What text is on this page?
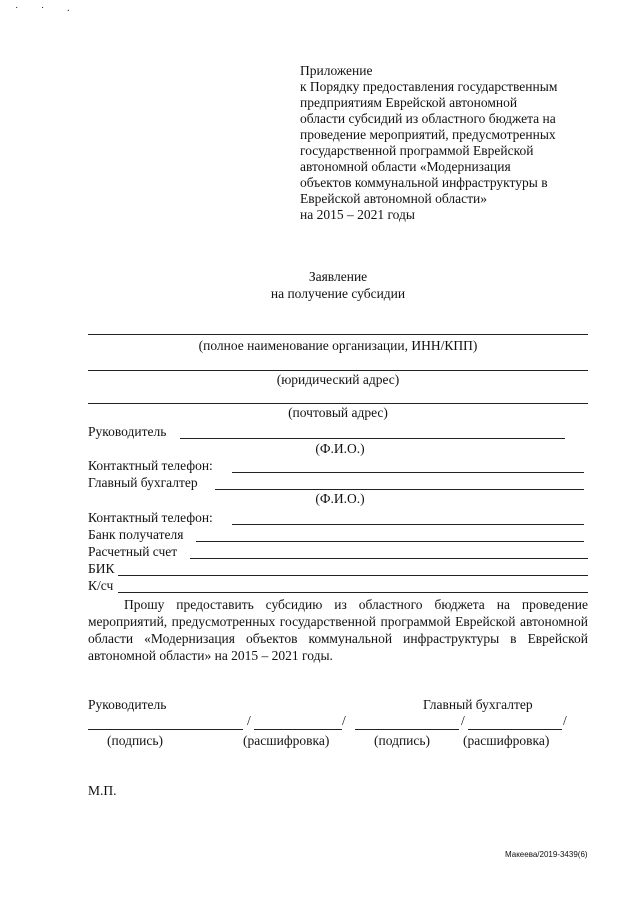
˙ ˙ ·
Приложение
к Порядку предоставления государственным
предприятиям Еврейской автономной
области субсидий из областного бюджета на
проведение мероприятий, предусмотренных
государственной программой Еврейской
автономной области «Модернизация
объектов коммунальной инфраструктуры в
Еврейской автономной области»
на 2015 – 2021 годы
Заявление
на получение субсидии
(полное наименование организации, ИНН/КПП)
(юридический адрес)
(почтовый адрес)
Руководитель
(Ф.И.О.)
Контактный телефон:
Главный бухгалтер
(Ф.И.О.)
Контактный телефон:
Банк получателя
Расчетный счет
БИК
К/сч
Прошу предоставить субсидию из областного бюджета на проведение мероприятий, предусмотренных государственной программой Еврейской автономной области «Модернизация объектов коммунальной инфраструктуры в Еврейской автономной области» на 2015 – 2021 годы.
Руководитель	Главный бухгалтер
/	/	/	/
(подпись)	(расшифровка)	(подпись) (расшифровка)
М.П.
Макеева/2019-3439(6)
